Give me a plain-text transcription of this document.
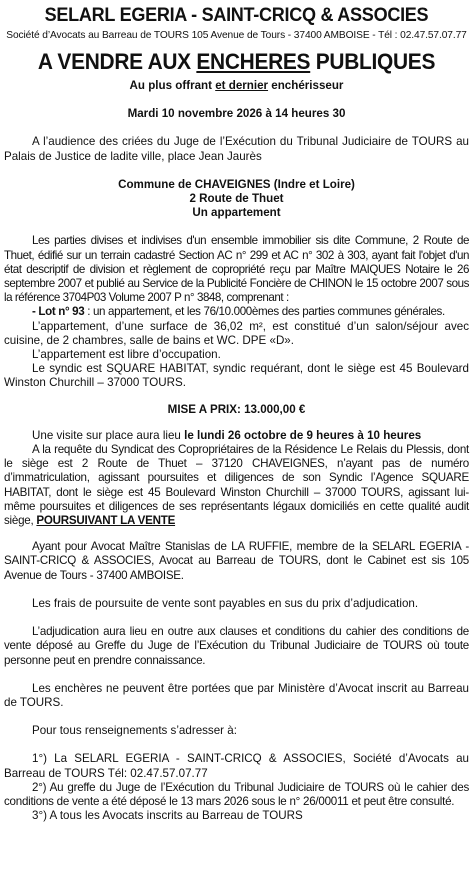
SELARL EGERIA - SAINT-CRICQ & ASSOCIES
Société d’Avocats au Barreau de TOURS 105 Avenue de Tours - 37400 AMBOISE - Tél : 02.47.57.07.77
A VENDRE AUX ENCHERES PUBLIQUES
Au plus offrant et dernier enchérisseur
Mardi 10 novembre 2026 à 14 heures 30

A l’audience des criées du Juge de l’Exécution du Tribunal Judiciaire de TOURS au Palais de Justice de ladite ville, place Jean Jaurès

Commune de CHAVEIGNES (Indre et Loire)
2 Route de Thuet
Un appartement

Les parties divises et indivises d'un ensemble immobilier sis dite Commune, 2 Route de Thuet, édifié sur un terrain cadastré Section AC n° 299 et AC n° 302 à 303, ayant fait l'objet d'un état descriptif de division et règlement de copropriété reçu par Maître MAIQUES Notaire le 26 septembre 2007 et publié au Service de la Publicité Foncière de CHINON le 15 octobre 2007 sous la référence 3704P03 Volume 2007 P n° 3848, comprenant :

- Lot n° 93 : un appartement, et les 76/10.000èmes des parties communes générales.

L’appartement, d’une surface de 36,02 m², est constitué d’un salon/séjour avec cuisine, de 2 chambres, salle de bains et WC. DPE «D».

L’appartement est libre d’occupation.

Le syndic est SQUARE HABITAT, syndic requérant, dont le siège est 45 Boulevard Winston Churchill – 37000 TOURS.

MISE A PRIX: 13.000,00 €

Une visite sur place aura lieu le lundi 26 octobre de 9 heures à 10 heures

A la requête du Syndicat des Copropriétaires de la Résidence Le Relais du Plessis, dont le siège est 2 Route de Thuet – 37120 CHAVEIGNES, n’ayant pas de numéro d’immatriculation, agissant poursuites et diligences de son Syndic l’Agence SQUARE HABITAT, dont le siège est 45 Boulevard Winston Churchill – 37000 TOURS, agissant lui-même poursuites et diligences de ses représentants légaux domiciliés en cette qualité audit siège, POURSUIVANT LA VENTE

Ayant pour Avocat Maître Stanislas de LA RUFFIE, membre de la SELARL EGERIA - SAINT-CRICQ & ASSOCIES, Avocat au Barreau de TOURS, dont le Cabinet est sis 105 Avenue de Tours - 37400 AMBOISE.

Les frais de poursuite de vente sont payables en sus du prix d’adjudication.

L’adjudication aura lieu en outre aux clauses et conditions du cahier des conditions de vente déposé au Greffe du Juge de l’Exécution du Tribunal Judiciaire de TOURS où toute personne peut en prendre connaissance.

Les enchères ne peuvent être portées que par Ministère d’Avocat inscrit au Barreau de TOURS.

Pour tous renseignements s’adresser à:

1°) La SELARL EGERIA - SAINT-CRICQ & ASSOCIES, Société d’Avocats au Barreau de TOURS Tél: 02.47.57.07.77

2°) Au greffe du Juge de l’Exécution du Tribunal Judiciaire de TOURS où le cahier des conditions de vente a été déposé le 13 mars 2026 sous le n° 26/00011 et peut être consulté.

3°) A tous les Avocats inscrits au Barreau de TOURS
